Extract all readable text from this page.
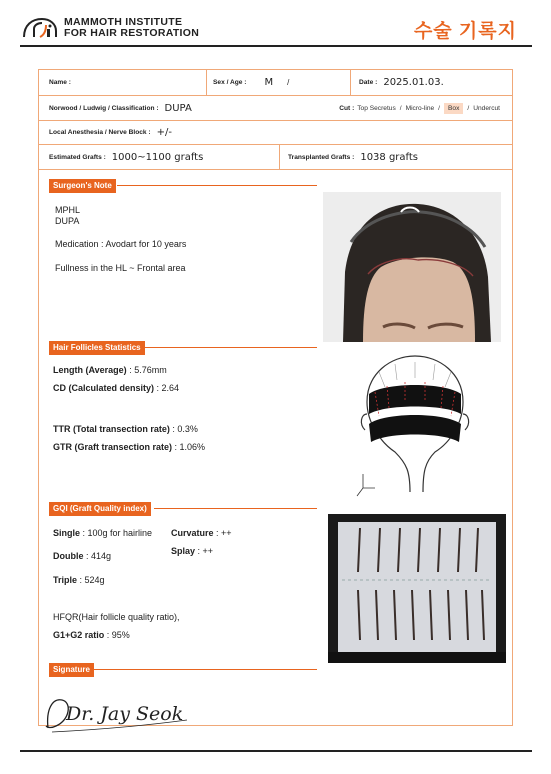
MAMMOTH INSTITUTE
FOR HAIR RESTORATION	수술 기록지
Name :	Sex / Age : M /	Date : 2025.01.03.
Norwood / Ludwig / Classification : DUPA	Cut : Top Secretus / Micro-line /	Box	/ Undercut
Local Anesthesia / Nerve Block : +/-
Estimated Grafts : 1000~1100 grafts	Transplanted Grafts : 1038 grafts
Surgeon's Note
MPHL
DUPA
Medication : Avodart for 10 years
Fullness in the HL ~ Frontal area
Hair Follicles Statistics
Length (Average) : 5.76mm
CD (Calculated density) : 2.64
TTR (Total transection rate) : 0.3%
GTR (Graft transection rate) : 1.06%
GQI (Graft Quality index)
Single : 100g for hairline Curvature : ++
Splay : ++
Double : 414g
Triple : 524g
HFQR(Hair follicle quality ratio),
G1+G2 ratio : 95%
Signature
Dr. Jay Seok
